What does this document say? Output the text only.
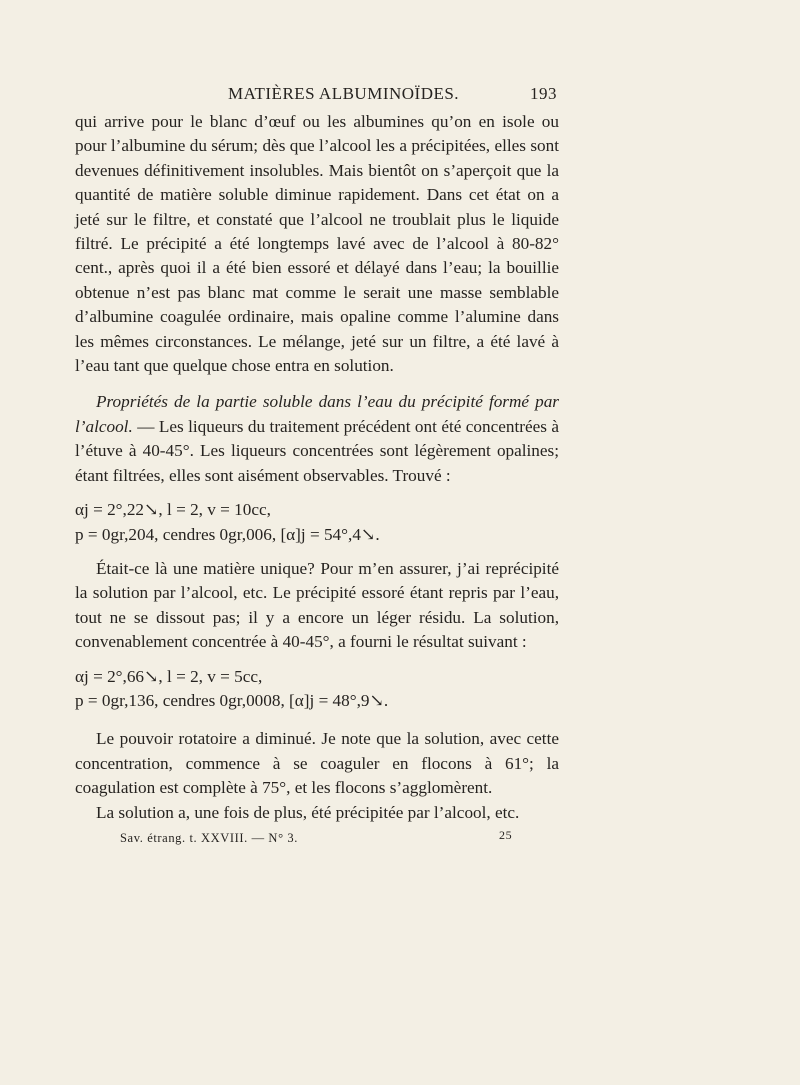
MATIÈRES ALBUMINOÏDES.	193

qui arrive pour le blanc d’œuf ou les albumines qu’on en isole ou pour l’albumine du sérum; dès que l’alcool les a précipitées, elles sont devenues définitivement insolubles. Mais bientôt on s’aperçoit que la quantité de matière soluble diminue rapidement. Dans cet état on a jeté sur le filtre, et constaté que l’alcool ne troublait plus le liquide filtré. Le précipité a été longtemps lavé avec de l’alcool à 80-82° cent., après quoi il a été bien essoré et délayé dans l’eau; la bouillie obtenue n’est pas blanc mat comme le serait une masse semblable d’albumine coagulée ordinaire, mais opaline comme l’alumine dans les mêmes circonstances. Le mélange, jeté sur un filtre, a été lavé à l’eau tant que quelque chose entra en solution.

Propriétés de la partie soluble dans l’eau du précipité formé par l’alcool. — Les liqueurs du traitement précédent ont été concentrées à l’étuve à 40-45°. Les liqueurs concentrées sont légèrement opalines; étant filtrées, elles sont aisément observables. Trouvé :

αj = 2°,22↘, l = 2, v = 10cc,

p = 0gr,204, cendres 0gr,006, [α]j = 54°,4↘.

Était-ce là une matière unique? Pour m’en assurer, j’ai reprécipité la solution par l’alcool, etc. Le précipité essoré étant repris par l’eau, tout ne se dissout pas; il y a encore un léger résidu. La solution, convenablement concentrée à 40-45°, a fourni le résultat suivant :

αj = 2°,66↘, l = 2, v = 5cc,

p = 0gr,136, cendres 0gr,0008, [α]j = 48°,9↘.

Le pouvoir rotatoire a diminué. Je note que la solution, avec cette concentration, commence à se coaguler en flocons à 61°; la coagulation est complète à 75°, et les flocons s’agglomèrent.

La solution a, une fois de plus, été précipitée par l’alcool, etc.

Sav. étrang. t. XXVIII. — N° 3.	25
